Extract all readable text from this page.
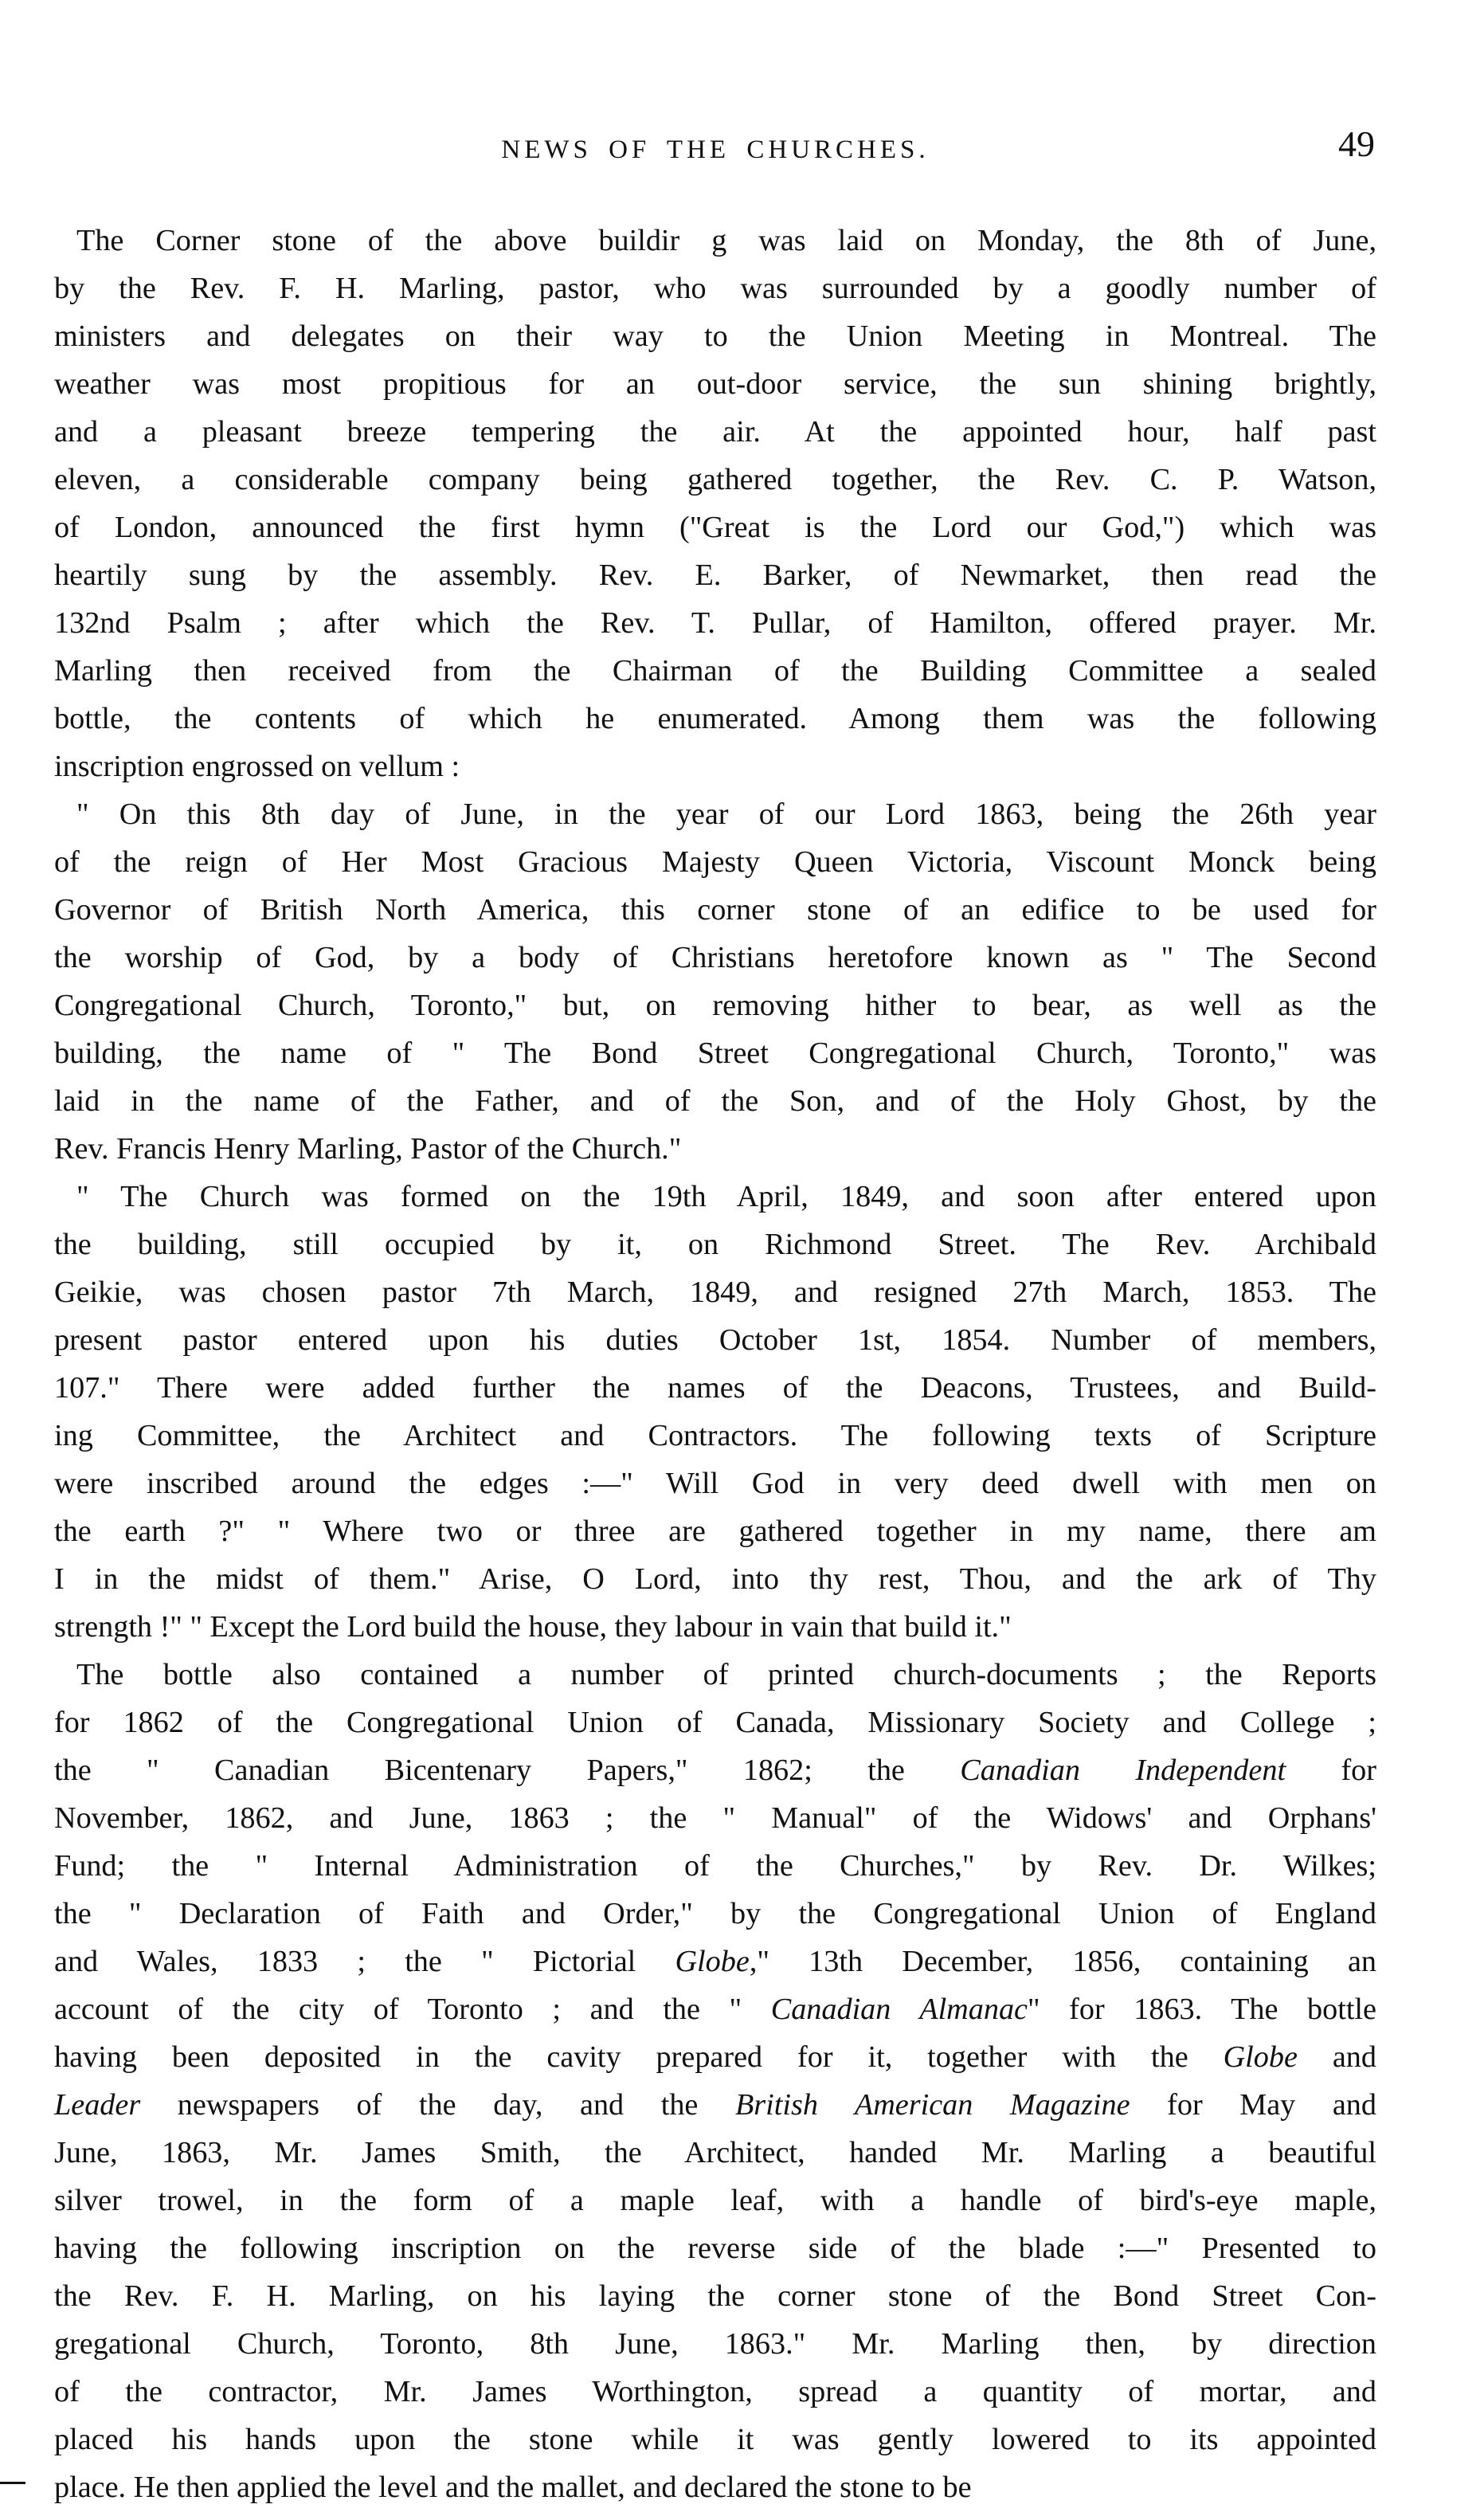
NEWS OF THE CHURCHES.	49
The Corner stone of the above buildir g was laid on Monday, the 8th of June,
by the Rev. F. H. Marling, pastor, who was surrounded by a goodly number of
ministers and delegates on their way to the Union Meeting in Montreal. The
weather was most propitious for an out-door service, the sun shining brightly,
and a pleasant breeze tempering the air. At the appointed hour, half past
eleven, a considerable company being gathered together, the Rev. C. P. Watson,
of London, announced the first hymn ("Great is the Lord our God,") which was
heartily sung by the assembly. Rev. E. Barker, of Newmarket, then read the
132nd Psalm ; after which the Rev. T. Pullar, of Hamilton, offered prayer. Mr.
Marling then received from the Chairman of the Building Committee a sealed
bottle, the contents of which he enumerated. Among them was the following
inscription engrossed on vellum :
" On this 8th day of June, in the year of our Lord 1863, being the 26th year
of the reign of Her Most Gracious Majesty Queen Victoria, Viscount Monck being
Governor of British North America, this corner stone of an edifice to be used for
the worship of God, by a body of Christians heretofore known as " The Second
Congregational Church, Toronto," but, on removing hither to bear, as well as the
building, the name of " The Bond Street Congregational Church, Toronto," was
laid in the name of the Father, and of the Son, and of the Holy Ghost, by the
Rev. Francis Henry Marling, Pastor of the Church."
" The Church was formed on the 19th April, 1849, and soon after entered upon
the building, still occupied by it, on Richmond Street. The Rev. Archibald
Geikie, was chosen pastor 7th March, 1849, and resigned 27th March, 1853. The
present pastor entered upon his duties October 1st, 1854. Number of members,
107." There were added further the names of the Deacons, Trustees, and Build-
ing Committee, the Architect and Contractors. The following texts of Scripture
were inscribed around the edges :—" Will God in very deed dwell with men on
the earth ?" " Where two or three are gathered together in my name, there am
I in the midst of them." Arise, O Lord, into thy rest, Thou, and the ark of Thy
strength !" " Except the Lord build the house, they labour in vain that build it."
The bottle also contained a number of printed church-documents ; the Reports
for 1862 of the Congregational Union of Canada, Missionary Society and College ;
the " Canadian Bicentenary Papers," 1862; the Canadian Independent for
November, 1862, and June, 1863 ; the " Manual" of the Widows' and Orphans'
Fund; the " Internal Administration of the Churches," by Rev. Dr. Wilkes;
the " Declaration of Faith and Order," by the Congregational Union of England
and Wales, 1833 ; the " Pictorial Globe," 13th December, 1856, containing an
account of the city of Toronto ; and the " Canadian Almanac" for 1863. The bottle
having been deposited in the cavity prepared for it, together with the Globe and
Leader newspapers of the day, and the British American Magazine for May and
June, 1863, Mr. James Smith, the Architect, handed Mr. Marling a beautiful
silver trowel, in the form of a maple leaf, with a handle of bird's-eye maple,
having the following inscription on the reverse side of the blade :—" Presented to
the Rev. F. H. Marling, on his laying the corner stone of the Bond Street Con-
gregational Church, Toronto, 8th June, 1863." Mr. Marling then, by direction
of the contractor, Mr. James Worthington, spread a quantity of mortar, and
placed his hands upon the stone while it was gently lowered to its appointed
place. He then applied the level and the mallet, and declared the stone to be
